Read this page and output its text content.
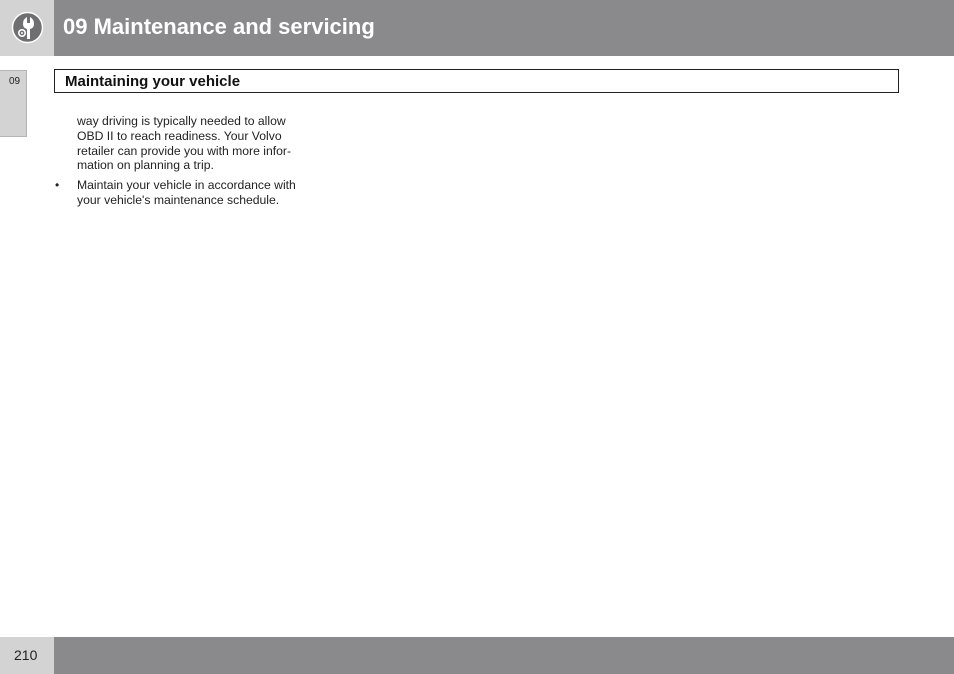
09 Maintenance and servicing
09	Maintaining your vehicle

way driving is typically needed to allow
OBD II to reach readiness. Your Volvo
retailer can provide you with more infor-
mation on planning a trip.

• Maintain your vehicle in accordance with
your vehicle's maintenance schedule.

210
